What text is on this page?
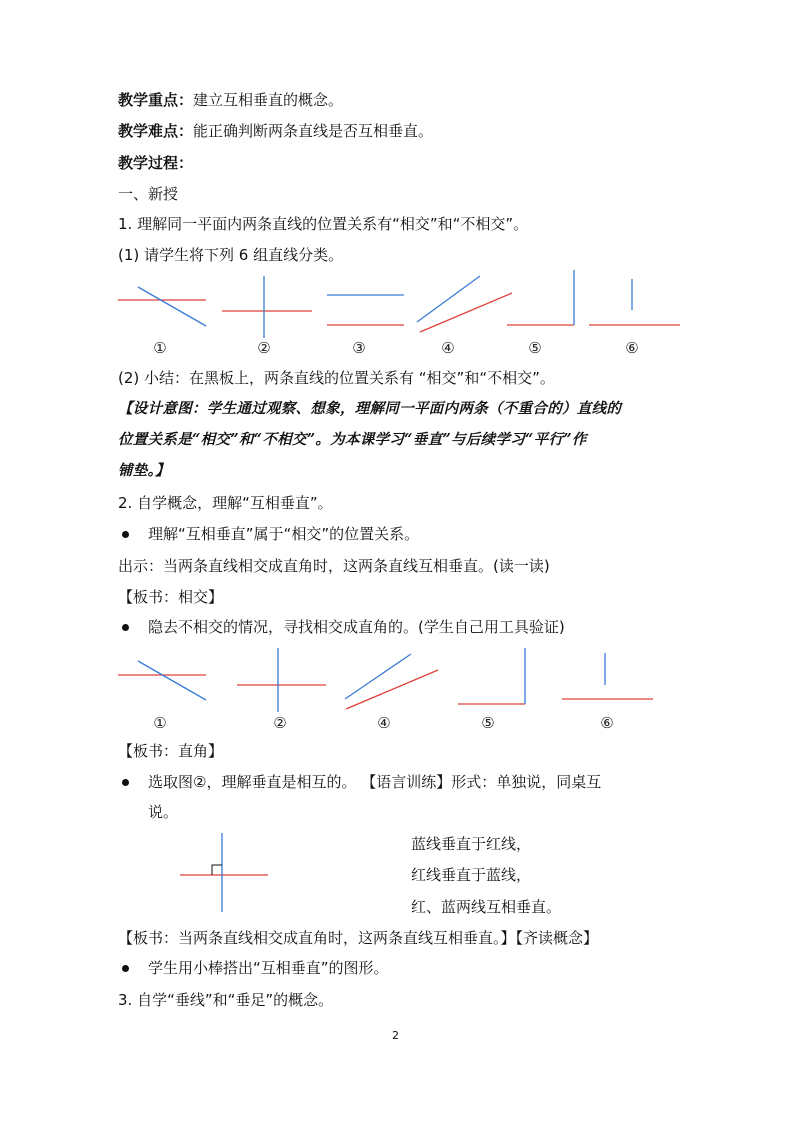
教学重点：建立互相垂直的概念。
教学难点：能正确判断两条直线是否互相垂直。
教学过程：
一、新授
1. 理解同一平面内两条直线的位置关系有“相交”和“不相交”。
(1) 请学生将下列 6 组直线分类。
①	②	③	④	⑤	⑥
①	②	④	⑤	⑥
(2) 小结：在黑板上，两条直线的位置关系有 “相交”和“不相交”。
【设计意图：学生通过观察、想象，理解同一平面内两条（不重合的）直线的
位置关系是“相交”和“不相交”。为本课学习“垂直”与后续学习“平行”作
铺垫。】
2. 自学概念，理解“互相垂直”。
理解“互相垂直”属于“相交”的位置关系。
出示：当两条直线相交成直角时，这两条直线互相垂直。(读一读)
【板书：相交】
隐去不相交的情况，寻找相交成直角的。(学生自己用工具验证)
【板书：直角】
选取图②，理解垂直是相互的。 【语言训练】形式：单独说，同桌互
说。
蓝线垂直于红线，
红线垂直于蓝线，
红、蓝两线互相垂直。
【板书：当两条直线相交成直角时，这两条直线互相垂直。】【齐读概念】
学生用小棒搭出“互相垂直”的图形。
3. 自学“垂线”和“垂足”的概念。
2
